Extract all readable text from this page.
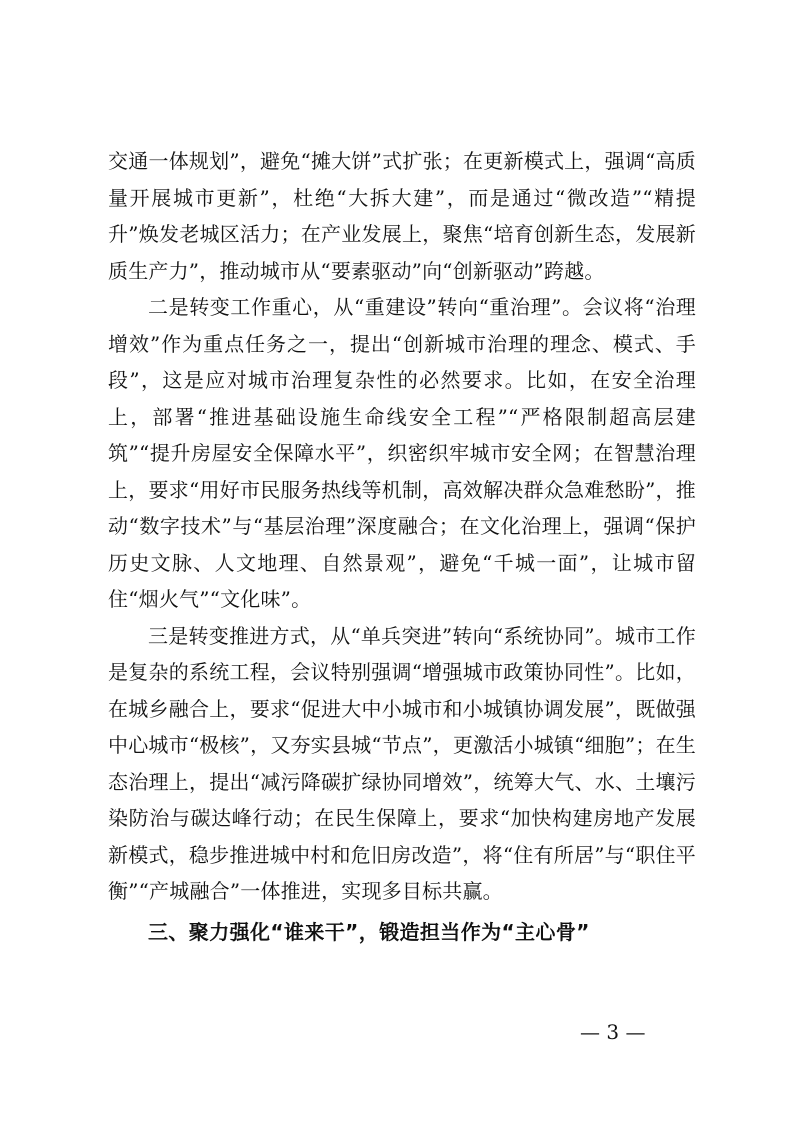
交通一体规划”，避免“摊大饼”式扩张；在更新模式上，强调“高质量开展城市更新”，杜绝“大拆大建”，而是通过“微改造”“精提升”焕发老城区活力；在产业发展上，聚焦“培育创新生态，发展新质生产力”，推动城市从“要素驱动”向“创新驱动”跨越。

二是转变工作重心，从“重建设”转向“重治理”。会议将“治理增效”作为重点任务之一，提出“创新城市治理的理念、模式、手段”，这是应对城市治理复杂性的必然要求。比如，在安全治理上，部署“推进基础设施生命线安全工程”“严格限制超高层建筑”“提升房屋安全保障水平”，织密织牢城市安全网；在智慧治理上，要求“用好市民服务热线等机制，高效解决群众急难愁盼”，推动“数字技术”与“基层治理”深度融合；在文化治理上，强调“保护历史文脉、人文地理、自然景观”，避免“千城一面”，让城市留住“烟火气”“文化味”。

三是转变推进方式，从“单兵突进”转向“系统协同”。城市工作是复杂的系统工程，会议特别强调“增强城市政策协同性”。比如，在城乡融合上，要求“促进大中小城市和小城镇协调发展”，既做强中心城市“极核”，又夯实县城“节点”，更激活小城镇“细胞”；在生态治理上，提出“减污降碳扩绿协同增效”，统筹大气、水、土壤污染防治与碳达峰行动；在民生保障上，要求“加快构建房地产发展新模式，稳步推进城中村和危旧房改造”，将“住有所居”与“职住平衡”“产城融合”一体推进，实现多目标共赢。

三、聚力强化“谁来干”，锻造担当作为“主心骨”

— 3 —
